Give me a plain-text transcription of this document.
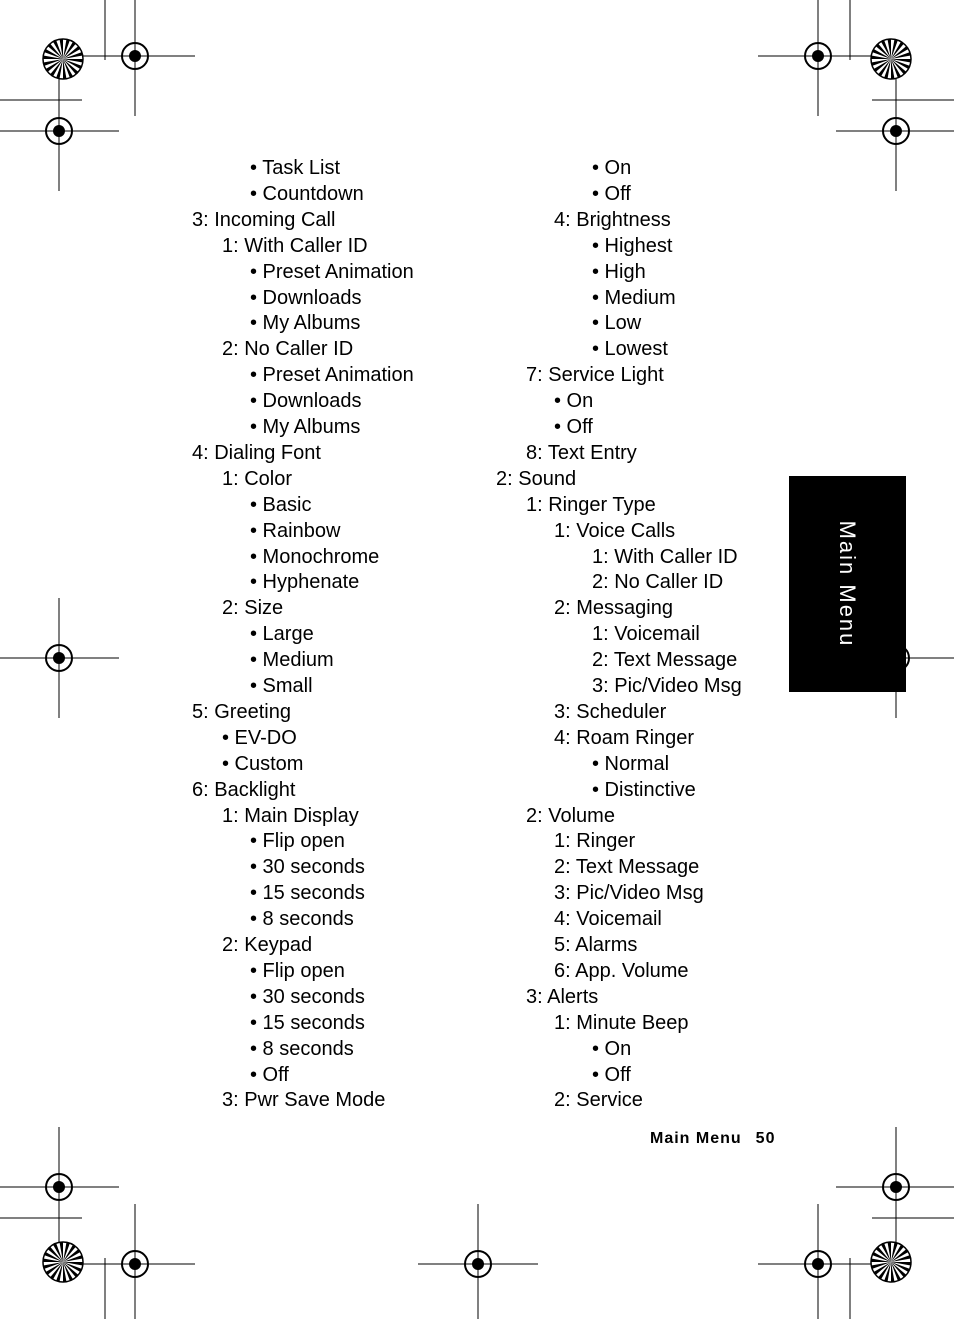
• Task List
• Countdown
3: Incoming Call
1: With Caller ID
• Preset Animation
• Downloads
• My Albums
2: No Caller ID
• Preset Animation
• Downloads
• My Albums
4: Dialing Font
1: Color
• Basic
• Rainbow
• Monochrome
• Hyphenate
2: Size
• Large
• Medium
• Small
5: Greeting
• EV-DO
• Custom
6: Backlight
1: Main Display
• Flip open
• 30 seconds
• 15 seconds
• 8 seconds
2: Keypad
• Flip open
• 30 seconds
• 15 seconds
• 8 seconds
• Off
3: Pwr Save Mode
• On
• Off
4: Brightness
• Highest
• High
• Medium
• Low
• Lowest
7: Service Light
• On
• Off
8: Text Entry
2: Sound
1: Ringer Type
1: Voice Calls
1: With Caller ID
2: No Caller ID
2: Messaging
1: Voicemail
2: Text Message
3: Pic/Video Msg
3: Scheduler
4: Roam Ringer
• Normal
• Distinctive
2: Volume
1: Ringer
2: Text Message
3: Pic/Video Msg
4: Voicemail
5: Alarms
6: App. Volume
3: Alerts
1: Minute Beep
• On
• Off
2: Service
Main Menu
Main Menu 50
